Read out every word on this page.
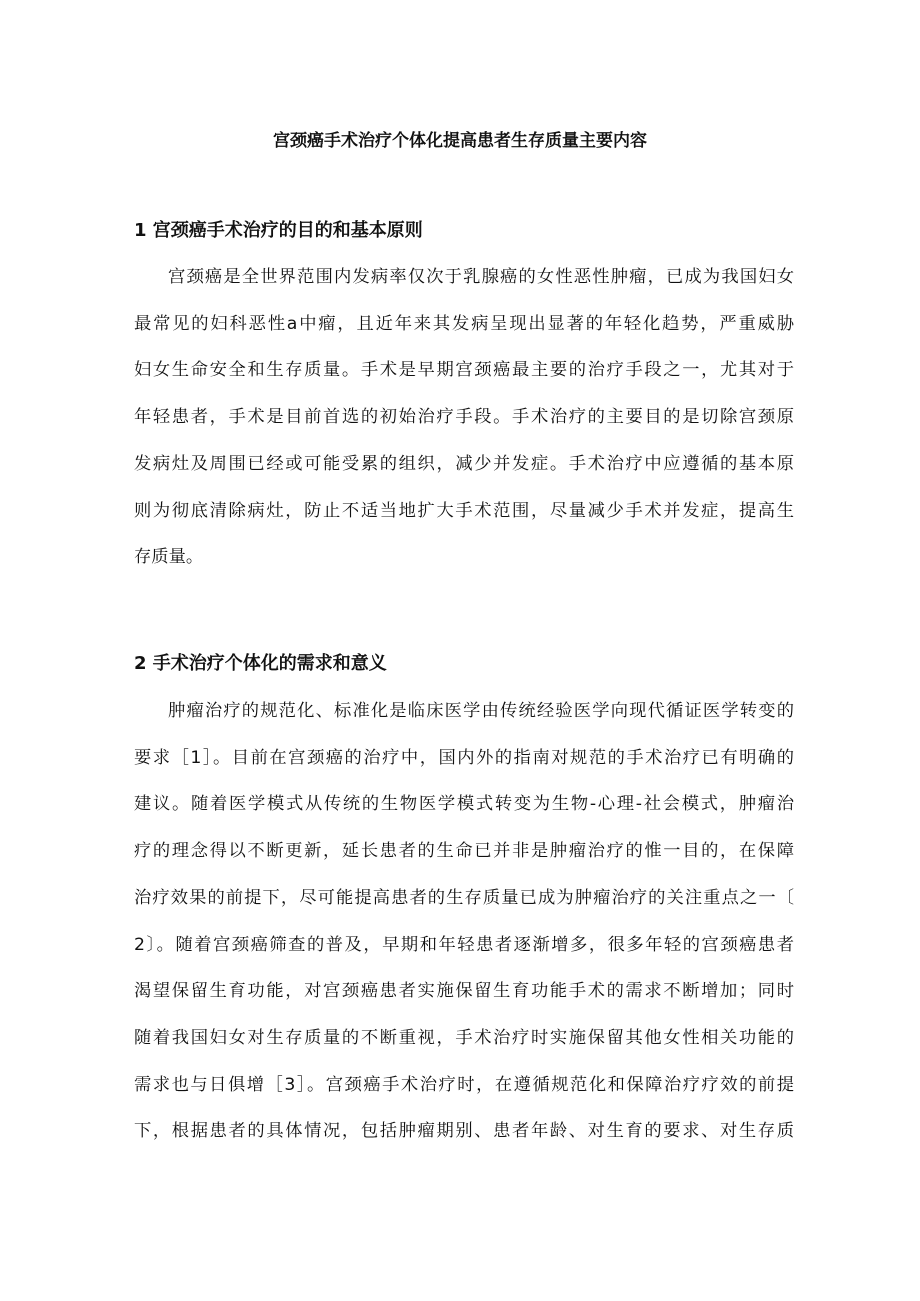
宫颈癌手术治疗个体化提高患者生存质量主要内容
1 宫颈癌手术治疗的目的和基本原则
宫颈癌是全世界范围内发病率仅次于乳腺癌的女性恶性肿瘤，已成为我国妇女
最常见的妇科恶性a中瘤，且近年来其发病呈现出显著的年轻化趋势，严重威胁
妇女生命安全和生存质量。手术是早期宫颈癌最主要的治疗手段之一，尤其对于
年轻患者，手术是目前首选的初始治疗手段。手术治疗的主要目的是切除宫颈原
发病灶及周围已经或可能受累的组织，减少并发症。手术治疗中应遵循的基本原
则为彻底清除病灶，防止不适当地扩大手术范围，尽量减少手术并发症，提高生
存质量。
2 手术治疗个体化的需求和意义
肿瘤治疗的规范化、标准化是临床医学由传统经验医学向现代循证医学转变的
要求［1］。目前在宫颈癌的治疗中，国内外的指南对规范的手术治疗已有明确的
建议。随着医学模式从传统的生物医学模式转变为生物-心理-社会模式，肿瘤治
疗的理念得以不断更新，延长患者的生命已并非是肿瘤治疗的惟一目的，在保障
治疗效果的前提下，尽可能提高患者的生存质量已成为肿瘤治疗的关注重点之一〔
2〕。随着宫颈癌筛查的普及，早期和年轻患者逐渐增多，很多年轻的宫颈癌患者
渴望保留生育功能，对宫颈癌患者实施保留生育功能手术的需求不断增加；同时
随着我国妇女对生存质量的不断重视，手术治疗时实施保留其他女性相关功能的
需求也与日俱增［3］。宫颈癌手术治疗时，在遵循规范化和保障治疗疗效的前提
下，根据患者的具体情况，包括肿瘤期别、患者年龄、对生育的要求、对生存质
